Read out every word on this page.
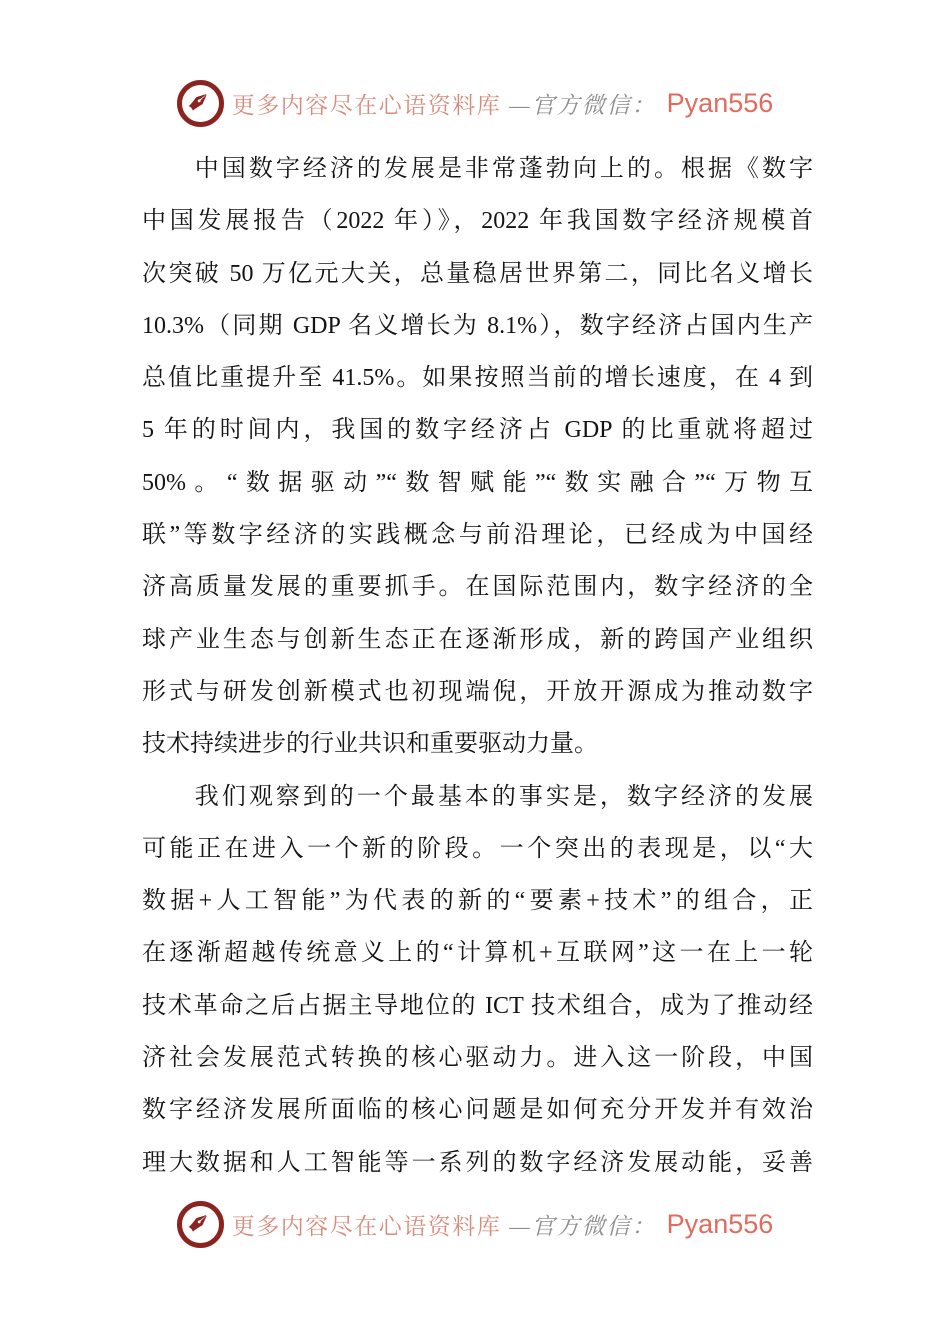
✒ 更多内容尽在心语资料库 —官方微信： Pyan556
中国数字经济的发展是非常蓬勃向上的。根据《数字
中国发展报告（2022 年）》，2022 年我国数字经济规模首
次突破 50 万亿元大关，总量稳居世界第二，同比名义增长
10.3%（同期 GDP 名义增长为 8.1%），数字经济占国内生产
总值比重提升至 41.5%。如果按照当前的增长速度，在 4 到
5 年的时间内，我国的数字经济占 GDP 的比重就将超过
50%。“数据驱动”“数智赋能”“数实融合”“万物互
联”等数字经济的实践概念与前沿理论，已经成为中国经
济高质量发展的重要抓手。在国际范围内，数字经济的全
球产业生态与创新生态正在逐渐形成，新的跨国产业组织
形式与研发创新模式也初现端倪，开放开源成为推动数字
技术持续进步的行业共识和重要驱动力量。
我们观察到的一个最基本的事实是，数字经济的发展
可能正在进入一个新的阶段。一个突出的表现是，以“大
数据+人工智能”为代表的新的“要素+技术”的组合，正
在逐渐超越传统意义上的“计算机+互联网”这一在上一轮
技术革命之后占据主导地位的 ICT 技术组合，成为了推动经
济社会发展范式转换的核心驱动力。进入这一阶段，中国
数字经济发展所面临的核心问题是如何充分开发并有效治
理大数据和人工智能等一系列的数字经济发展动能，妥善
✒ 更多内容尽在心语资料库 —官方微信： Pyan556
